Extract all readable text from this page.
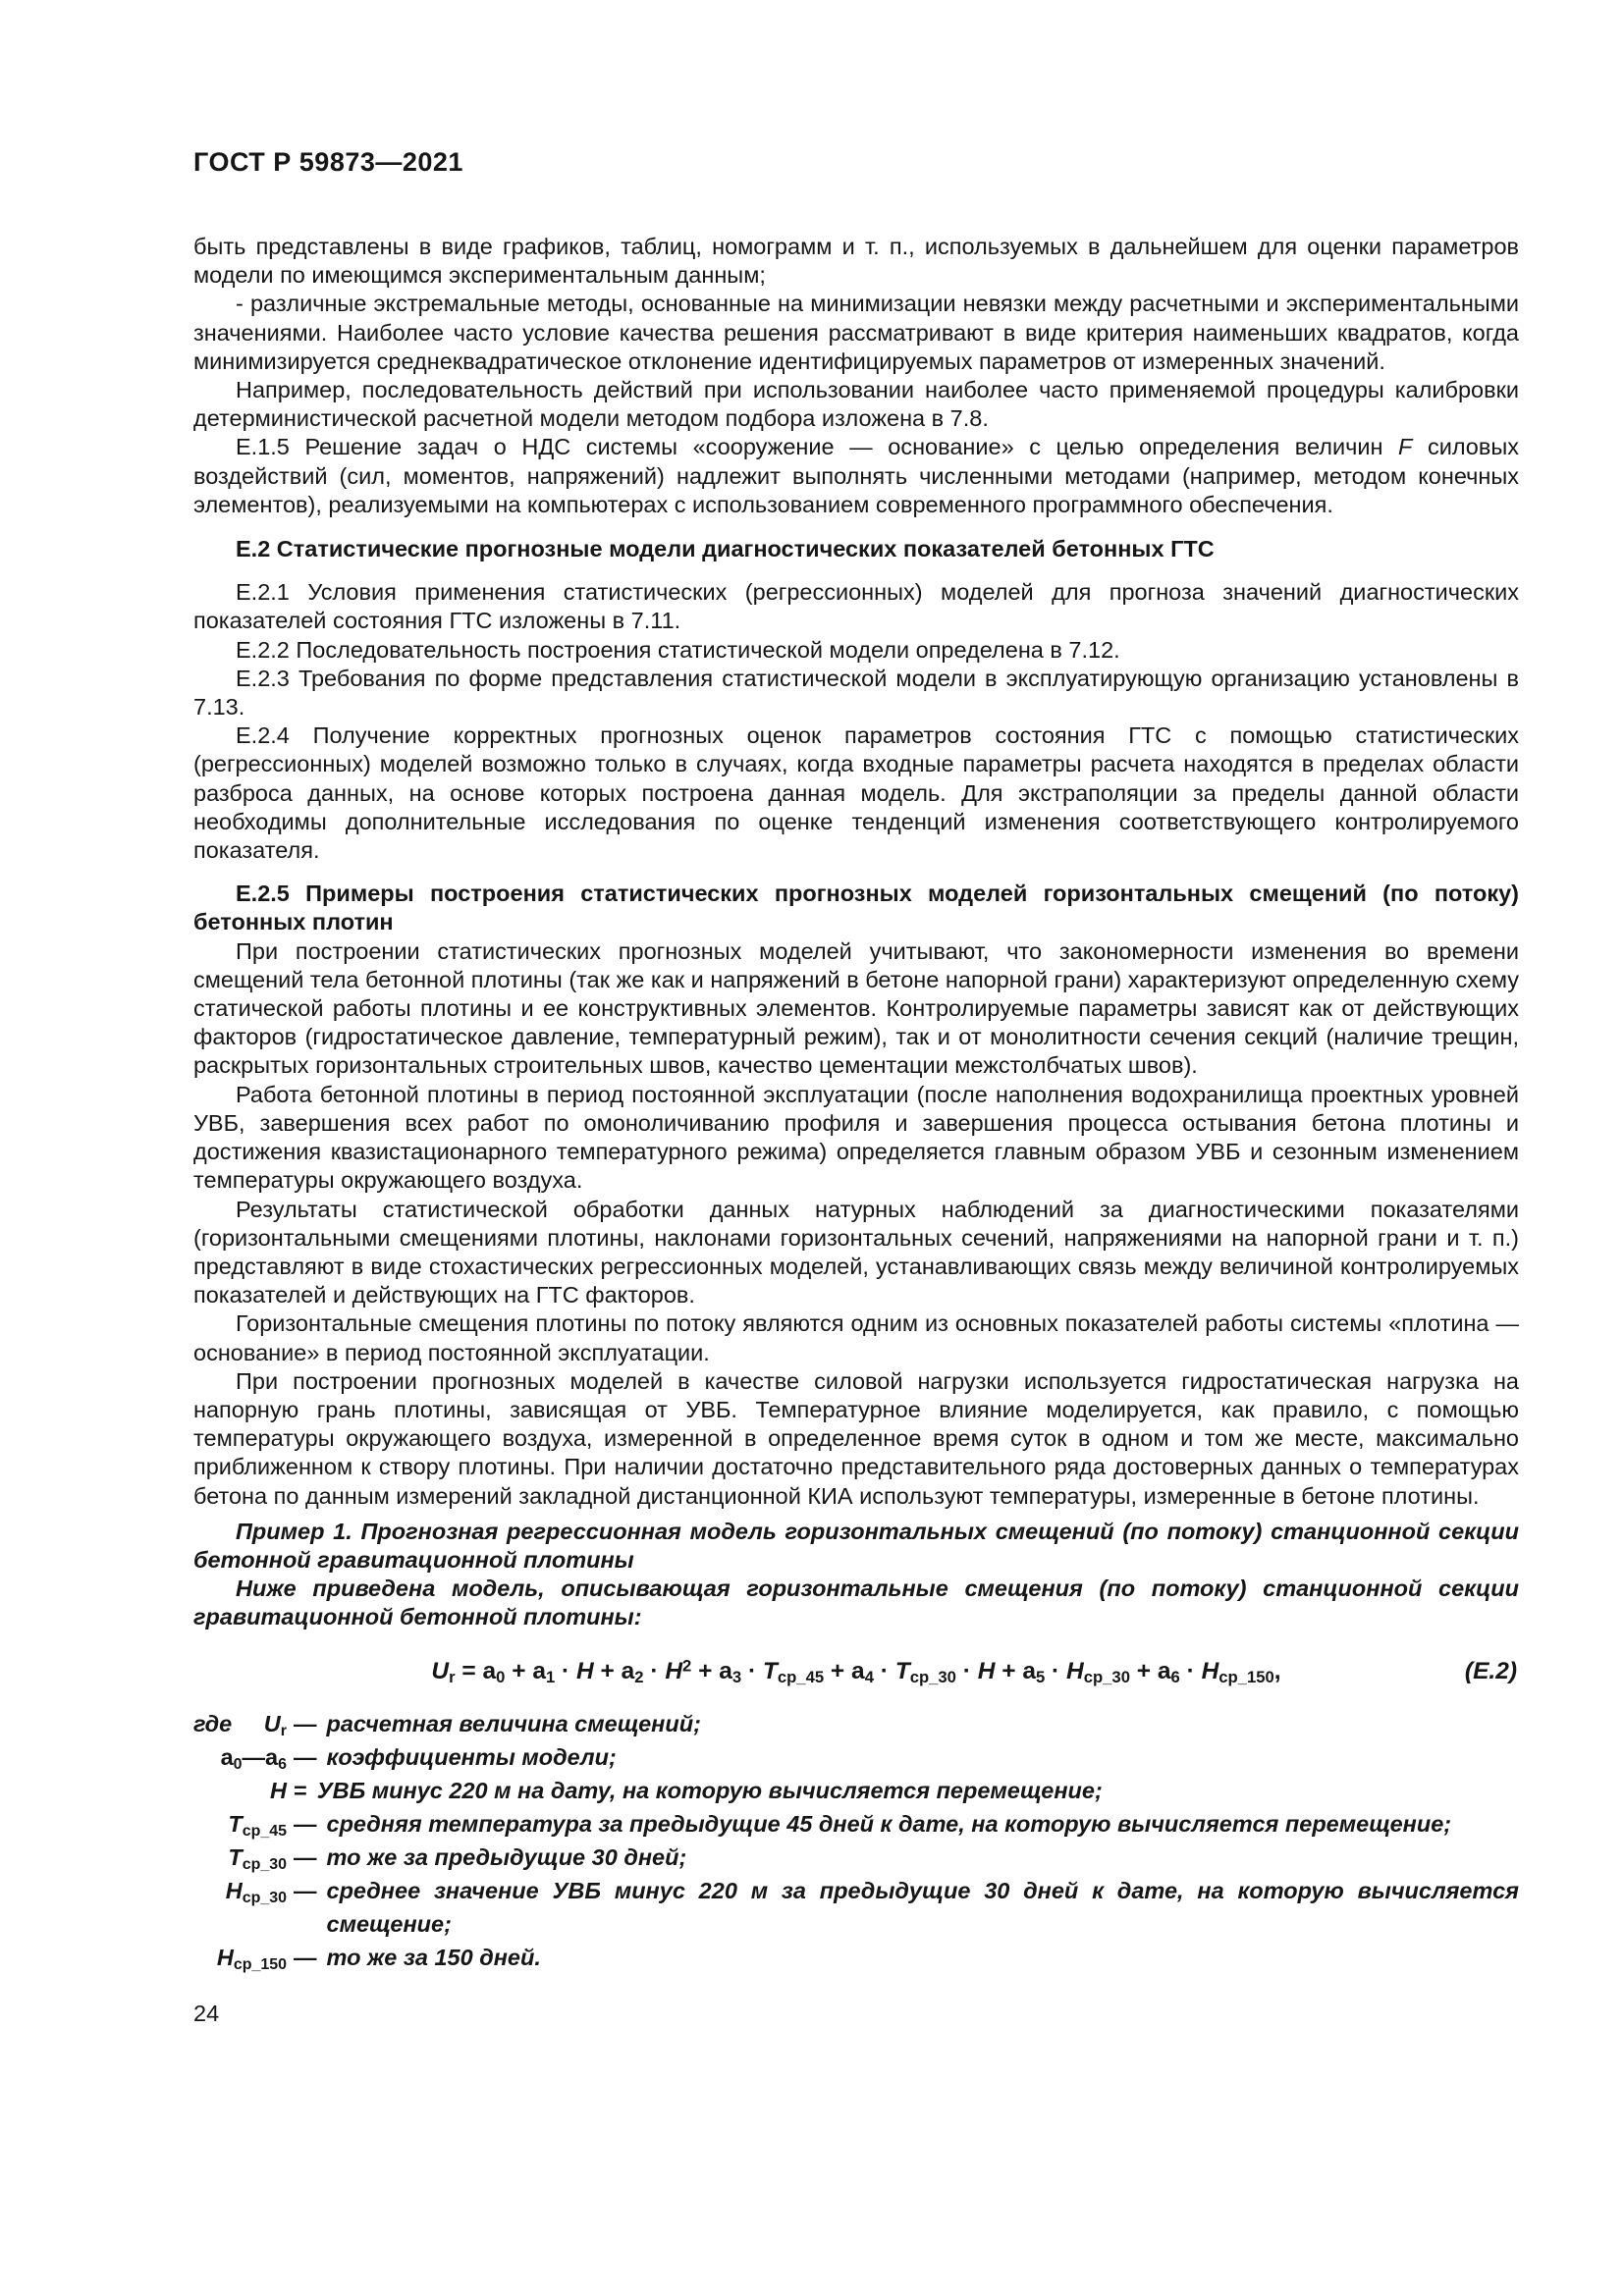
ГОСТ Р 59873—2021

быть представлены в виде графиков, таблиц, номограмм и т. п., используемых в дальнейшем для оценки параметров модели по имеющимся экспериментальным данным;

- различные экстремальные методы, основанные на минимизации невязки между расчетными и экспериментальными значениями. Наиболее часто условие качества решения рассматривают в виде критерия наименьших квадратов, когда минимизируется среднеквадратическое отклонение идентифицируемых параметров от измеренных значений.

Например, последовательность действий при использовании наиболее часто применяемой процедуры калибровки детерминистической расчетной модели методом подбора изложена в 7.8.

Е.1.5 Решение задач о НДС системы «сооружение — основание» с целью определения величин F силовых воздействий (сил, моментов, напряжений) надлежит выполнять численными методами (например, методом конечных элементов), реализуемыми на компьютерах с использованием современного программного обеспечения.

Е.2 Статистические прогнозные модели диагностических показателей бетонных ГТС

Е.2.1 Условия применения статистических (регрессионных) моделей для прогноза значений диагностических показателей состояния ГТС изложены в 7.11.

Е.2.2 Последовательность построения статистической модели определена в 7.12.

Е.2.3 Требования по форме представления статистической модели в эксплуатирующую организацию установлены в 7.13.

Е.2.4 Получение корректных прогнозных оценок параметров состояния ГТС с помощью статистических (регрессионных) моделей возможно только в случаях, когда входные параметры расчета находятся в пределах области разброса данных, на основе которых построена данная модель. Для экстраполяции за пределы данной области необходимы дополнительные исследования по оценке тенденций изменения соответствующего контролируемого показателя.

Е.2.5 Примеры построения статистических прогнозных моделей горизонтальных смещений (по потоку) бетонных плотин

При построении статистических прогнозных моделей учитывают, что закономерности изменения во времени смещений тела бетонной плотины (так же как и напряжений в бетоне напорной грани) характеризуют определенную схему статической работы плотины и ее конструктивных элементов. Контролируемые параметры зависят как от действующих факторов (гидростатическое давление, температурный режим), так и от монолитности сечения секций (наличие трещин, раскрытых горизонтальных строительных швов, качество цементации межстолбчатых швов).

Работа бетонной плотины в период постоянной эксплуатации (после наполнения водохранилища проектных уровней УВБ, завершения всех работ по омоноличиванию профиля и завершения процесса остывания бетона плотины и достижения квазистационарного температурного режима) определяется главным образом УВБ и сезонным изменением температуры окружающего воздуха.

Результаты статистической обработки данных натурных наблюдений за диагностическими показателями (горизонтальными смещениями плотины, наклонами горизонтальных сечений, напряжениями на напорной грани и т. п.) представляют в виде стохастических регрессионных моделей, устанавливающих связь между величиной контролируемых показателей и действующих на ГТС факторов.

Горизонтальные смещения плотины по потоку являются одним из основных показателей работы системы «плотина — основание» в период постоянной эксплуатации.

При построении прогнозных моделей в качестве силовой нагрузки используется гидростатическая нагрузка на напорную грань плотины, зависящая от УВБ. Температурное влияние моделируется, как правило, с помощью температуры окружающего воздуха, измеренной в определенное время суток в одном и том же месте, максимально приближенном к створу плотины. При наличии достаточно представительного ряда достоверных данных о температурах бетона по данным измерений закладной дистанционной КИА используют температуры, измеренные в бетоне плотины.

Пример 1. Прогнозная регрессионная модель горизонтальных смещений (по потоку) станционной секции бетонной гравитационной плотины

Ниже приведена модель, описывающая горизонтальные смещения (по потоку) станционной секции гравитационной бетонной плотины:

$U_r = a_0 + a_1 \cdot H + a_2 \cdot H^2 + a_3 \cdot T_{ср\_45} + a_4 \cdot T_{ср\_30} \cdot H + a_5 \cdot H_{ср\_30} + a_6 \cdot H_{ср\_150}$,	(Е.2)
где	$U_r$ — расчетная величина смещений;
$a_0—a_6$ — коэффициенты модели;
H = УВБ минус 220 м на дату, на которую вычисляется перемещение;
$T_{ср\_45}$ — средняя температура за предыдущие 45 дней к дате, на которую вычисляется перемещение;
$T_{ср\_30}$ — то же за предыдущие 30 дней;
$H_{ср\_30}$ — среднее значение УВБ минус 220 м за предыдущие 30 дней к дате, на которую вычисляется смещение;
$H_{ср\_150}$ — то же за 150 дней.
24
